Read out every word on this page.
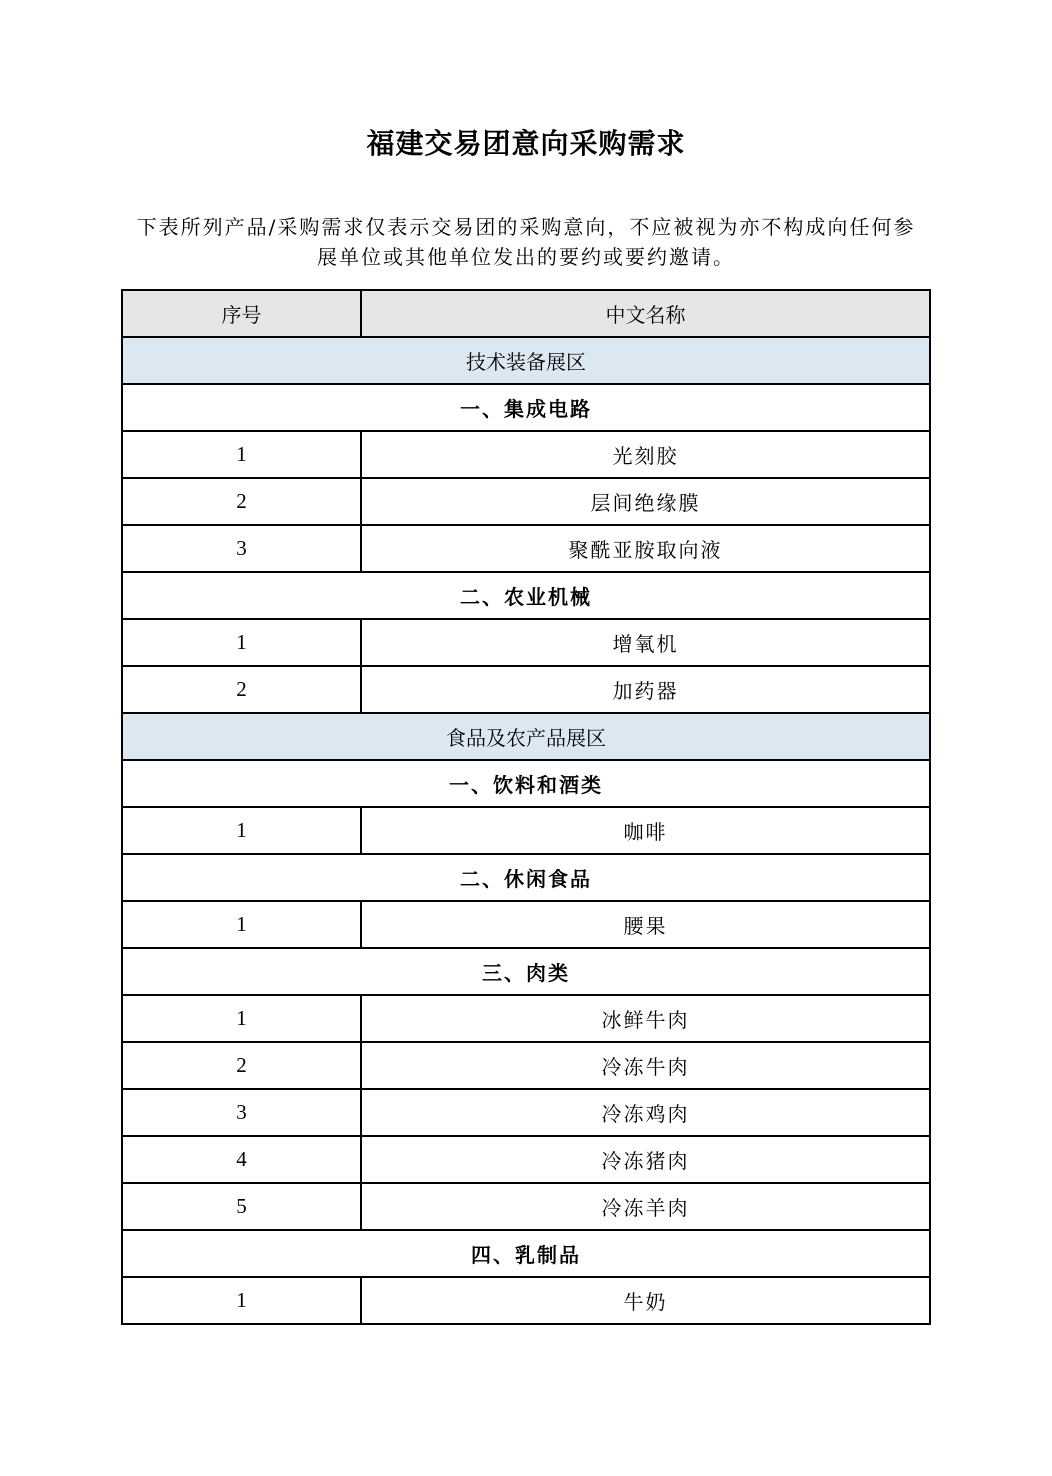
福建交易团意向采购需求
下表所列产品/采购需求仅表示交易团的采购意向，不应被视为亦不构成向任何参展单位或其他单位发出的要约或要约邀请。
序号	中文名称
技术装备展区	
一、集成电路	
1	光刻胶
2	层间绝缘膜
3	聚酰亚胺取向液
二、农业机械	
1	增氧机
2	加药器
食品及农产品展区	
一、饮料和酒类	
1	咖啡
二、休闲食品	
1	腰果
三、肉类	
1	冰鲜牛肉
2	冷冻牛肉
3	冷冻鸡肉
4	冷冻猪肉
5	冷冻羊肉
四、乳制品	
1	牛奶
